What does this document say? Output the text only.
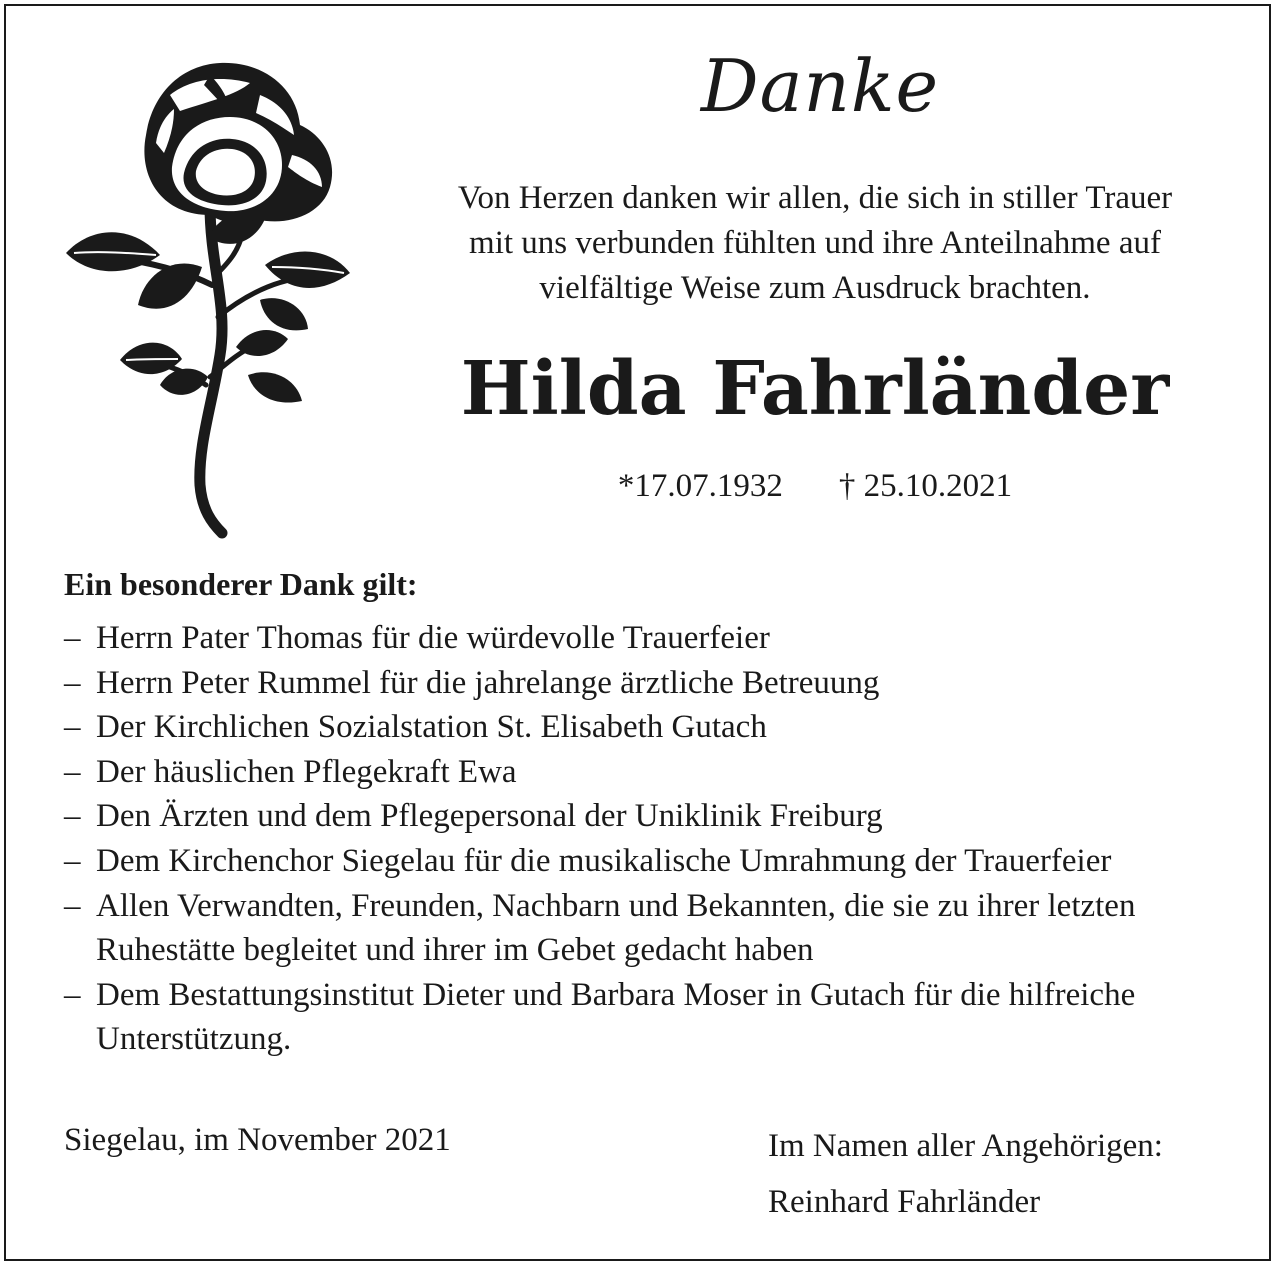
Danke
Von Herzen danken wir allen, die sich in stiller Trauer
mit uns verbunden fühlten und ihre Anteilnahme auf
vielfältige Weise zum Ausdruck brachten.
Hilda Fahrländer
*17.07.1932 † 25.10.2021
Ein besonderer Dank gilt:
– Herrn Pater Thomas für die würdevolle Trauerfeier
– Herrn Peter Rummel für die jahrelange ärztliche Betreuung
– Der Kirchlichen Sozialstation St. Elisabeth Gutach
– Der häuslichen Pflegekraft Ewa
– Den Ärzten und dem Pflegepersonal der Uniklinik Freiburg
– Dem Kirchenchor Siegelau für die musikalische Umrahmung der Trauerfeier
– Allen Verwandten, Freunden, Nachbarn und Bekannten, die sie zu ihrer letzten Ruhestätte begleitet und ihrer im Gebet gedacht haben
– Dem Bestattungsinstitut Dieter und Barbara Moser in Gutach für die hilfreiche Unterstützung.
Siegelau, im November 2021	Im Namen aller Angehörigen:
Reinhard Fahrländer
